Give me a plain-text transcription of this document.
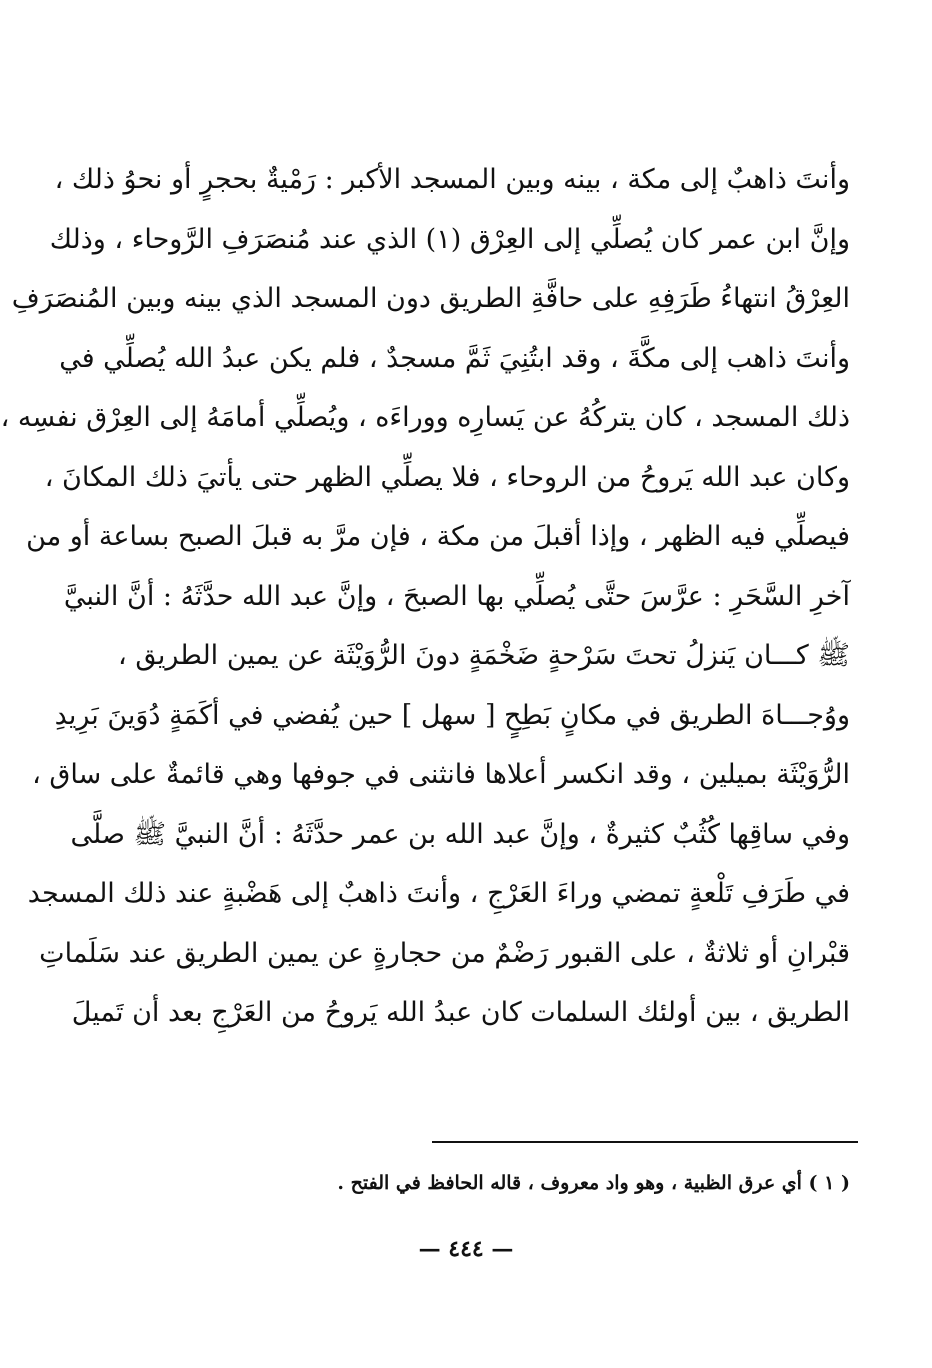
وأنتَ ذاهبٌ إلى مكة ، بينه وبين المسجد الأكبر : رَمْيةٌ بحجرٍ أو نحوُ ذلك ،
وإنَّ ابن عمر كان يُصلِّي إلى العِرْق (١) الذي عند مُنصَرَفِ الرَّوحاء ، وذلك
العِرْقُ انتهاءُ طَرَفِهِ على حافَّةِ الطريق دون المسجد الذي بينه وبين المُنصَرَفِ
وأنتَ ذاهب إلى مكَّةَ ، وقد ابتُنِيَ ثَمَّ مسجدٌ ، فلم يكن عبدُ الله يُصلِّي في
ذلك المسجد ، كان يتركُهُ عن يَسارِه ووراءَه ، ويُصلِّي أمامَهُ إلى العِرْق نفسِه ،
وكان عبد الله يَروحُ من الروحاء ، فلا يصلِّي الظهر حتى يأتيَ ذلك المكانَ ،
فيصلِّي فيه الظهر ، وإذا أقبلَ من مكة ، فإن مرَّ به قبلَ الصبح بساعة أو من
آخرِ السَّحَرِ : عرَّسَ حتَّى يُصلِّي بها الصبحَ ، وإنَّ عبد الله حدَّثَهُ : أنَّ النبيَّ
ﷺ كـــان يَنزلُ تحتَ سَرْحةٍ ضَخْمَةٍ دونَ الرُّوَيْثَة عن يمين الطريق ،
ووُجـــاهَ الطريق في مكانٍ بَطِحٍ [ سهل ] حين يُفضي في أكَمَةٍ دُوَينَ بَرِيدِ
الرُّوَيْثَة بميلين ، وقد انكسر أعلاها فانثنى في جوفها وهي قائمةٌ على ساق ،
وفي ساقِها كُثُبٌ كثيرةٌ ، وإنَّ عبد الله بن عمر حدَّثَهُ : أنَّ النبيَّ ﷺ صلَّى
في طَرَفِ تَلْعةٍ تمضي وراءَ العَرْجِ ، وأنتَ ذاهبٌ إلى هَضْبةٍ عند ذلك المسجد
قبْرانِ أو ثلاثةٌ ، على القبور رَضْمٌ من حجارةٍ عن يمين الطريق عند سَلَماتِ
الطريق ، بين أولئك السلمات كان عبدُ الله يَروحُ من العَرْجِ بعد أن تَميلَ
( ١ ) أي عرق الظبية ، وهو واد معروف ، قاله الحافظ في الفتح .
— ٤٤٤ —
